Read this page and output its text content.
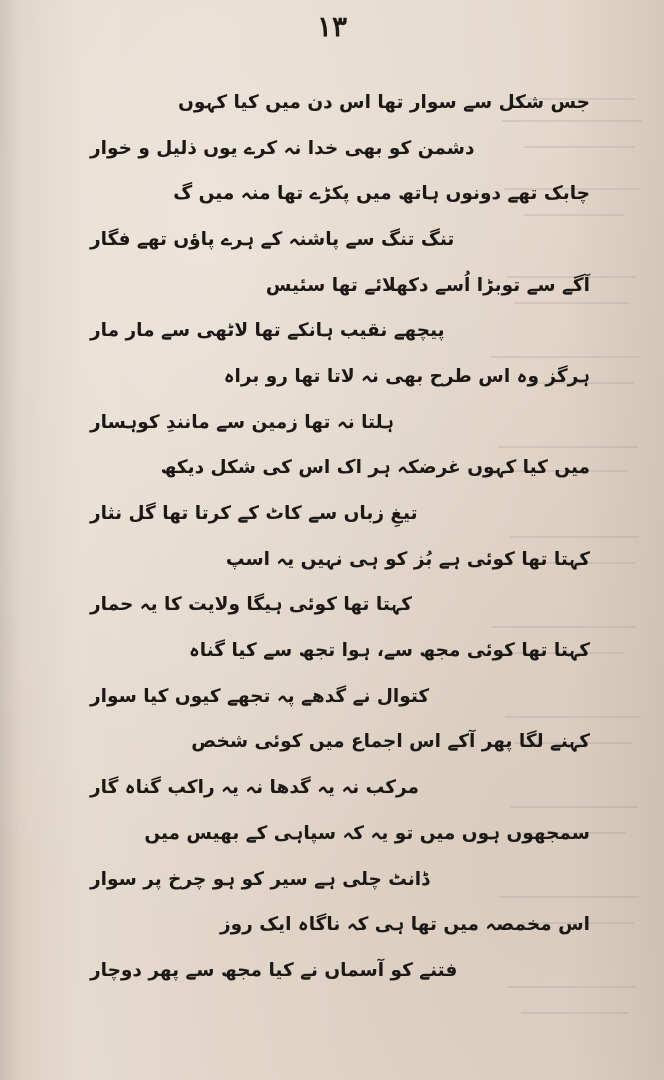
۱۳
جس شکل سے سوار تھا اس دن میں کیا کہوں
دشمن کو بھی خدا نہ کرے یوں ذلیل و خوار
چابک تھے دونوں ہاتھ میں پکڑے تھا منہ میں گ
تنگ تنگ سے پاشنہ کے ہرے پاؤں تھے فگار
آگے سے توبڑا اُسے دکھلائے تھا سئیس
پیچھے نقیب ہانکے تھا لاٹھی سے مار مار
ہرگز وہ اس طرح بھی نہ لاتا تھا رو براہ
ہلتا نہ تھا زمین سے مانندِ کوہسار
میں کیا کہوں غرضکہ ہر اک اس کی شکل دیکھ
تیغِ زباں سے کاٹ کے کرتا تھا گل نثار
کہتا تھا کوئی ہے بُز کو ہی نہیں یہ اسپ
کہتا تھا کوئی ہیگا ولایت کا یہ حمار
کہتا تھا کوئی مجھ سے، ہوا تجھ سے کیا گناہ
کتوال نے گدھے پہ تجھے کیوں کیا سوار
کہنے لگا پھر آکے اس اجماع میں کوئی شخص
مرکب نہ یہ گدھا نہ یہ راکب گناہ گار
سمجھوں ہوں میں تو یہ کہ سپاہی کے بھیس میں
ڈانٹ چلی ہے سیر کو ہو چرخ پر سوار
اس مخمصہ میں تھا ہی کہ ناگاہ ایک روز
فتنے کو آسماں نے کیا مجھ سے پھر دوچار
